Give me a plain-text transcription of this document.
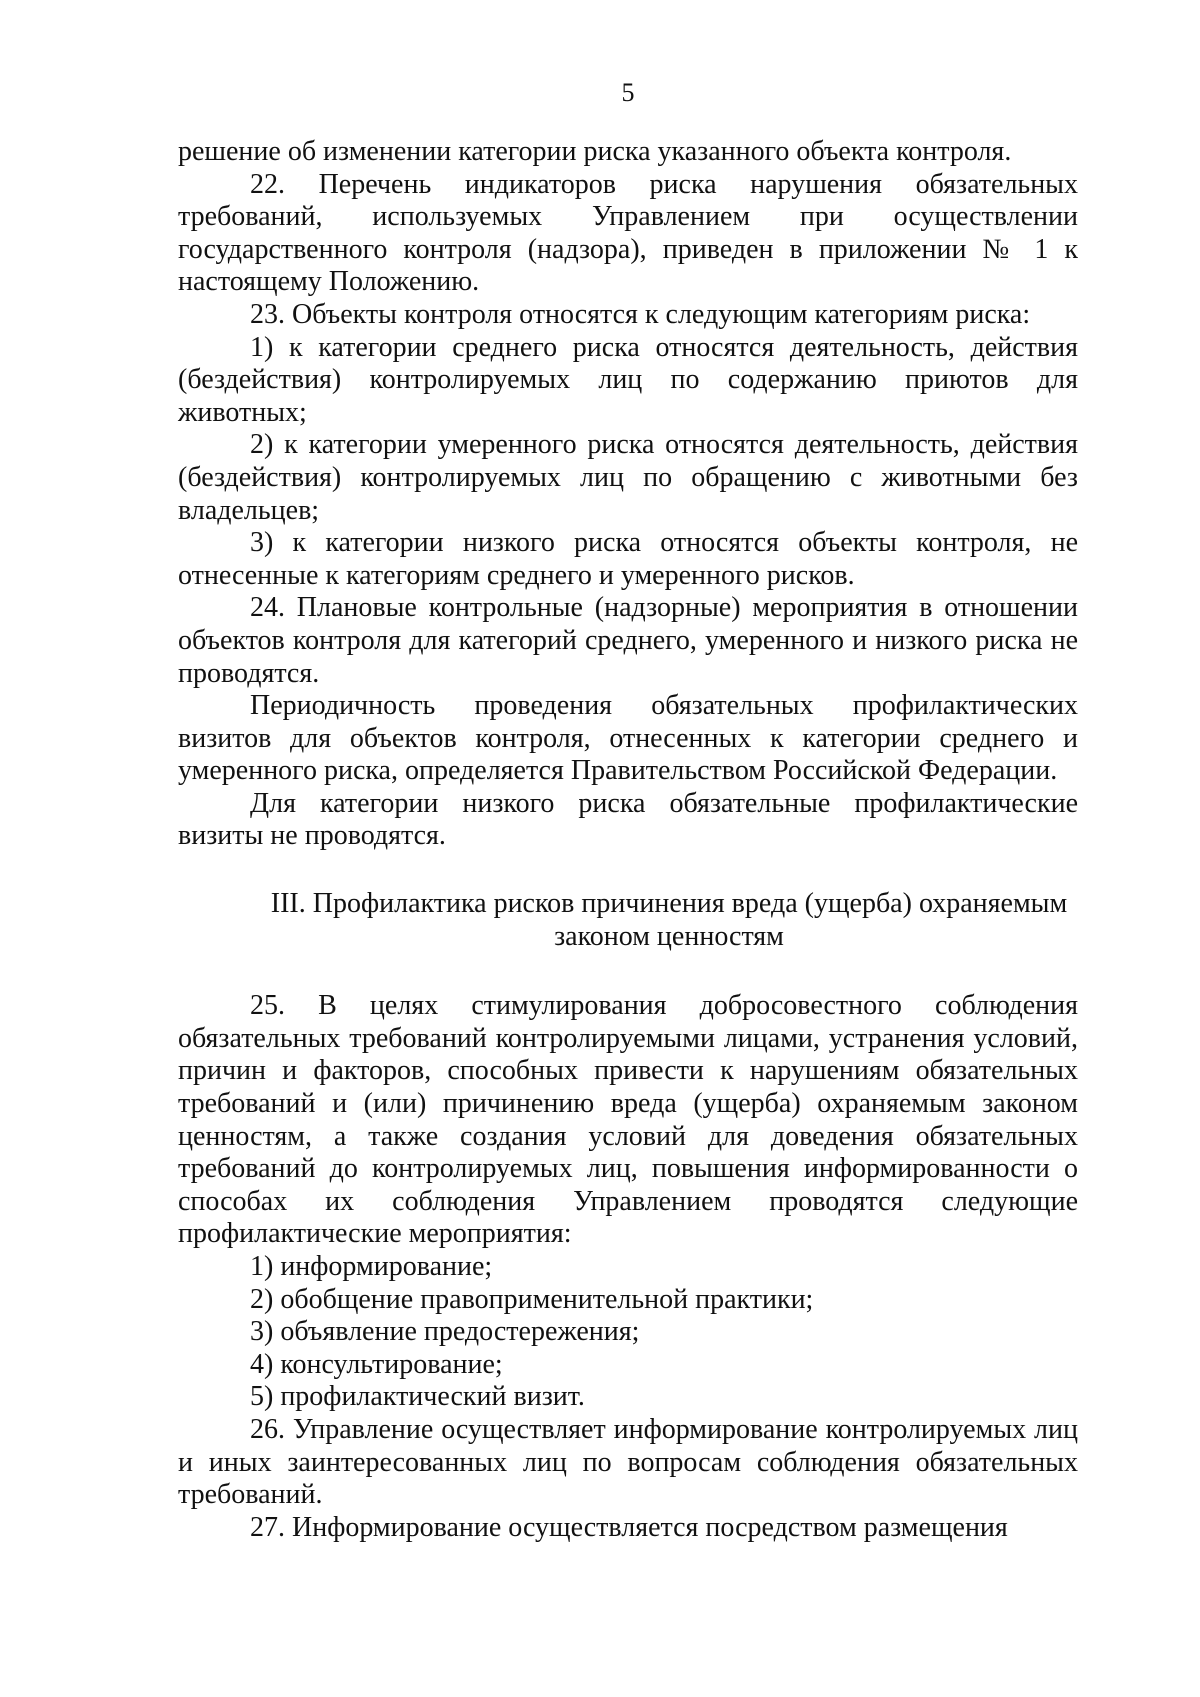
5

решение об изменении категории риска указанного объекта контроля.

22. Перечень индикаторов риска нарушения обязательных требований, используемых Управлением при осуществлении государственного контроля (надзора), приведен в приложении № 1 к настоящему Положению.

23. Объекты контроля относятся к следующим категориям риска:

1) к категории среднего риска относятся деятельность, действия (бездействия) контролируемых лиц по содержанию приютов для животных;

2) к категории умеренного риска относятся деятельность, действия (бездействия) контролируемых лиц по обращению с животными без владельцев;

3) к категории низкого риска относятся объекты контроля, не отнесенные к категориям среднего и умеренного рисков.

24. Плановые контрольные (надзорные) мероприятия в отношении объектов контроля для категорий среднего, умеренного и низкого риска не проводятся.

Периодичность проведения обязательных профилактических визитов для объектов контроля, отнесенных к категории среднего и умеренного риска, определяется Правительством Российской Федерации.

Для категории низкого риска обязательные профилактические визиты не проводятся.

III. Профилактика рисков причинения вреда (ущерба) охраняемым
законом ценностям

25. В целях стимулирования добросовестного соблюдения обязательных требований контролируемыми лицами, устранения условий, причин и факторов, способных привести к нарушениям обязательных требований и (или) причинению вреда (ущерба) охраняемым законом ценностям, а также создания условий для доведения обязательных требований до контролируемых лиц, повышения информированности о способах их соблюдения Управлением проводятся следующие профилактические мероприятия:

1) информирование;

2) обобщение правоприменительной практики;

3) объявление предостережения;

4) консультирование;

5) профилактический визит.

26. Управление осуществляет информирование контролируемых лиц и иных заинтересованных лиц по вопросам соблюдения обязательных требований.

27. Информирование осуществляется посредством размещения
